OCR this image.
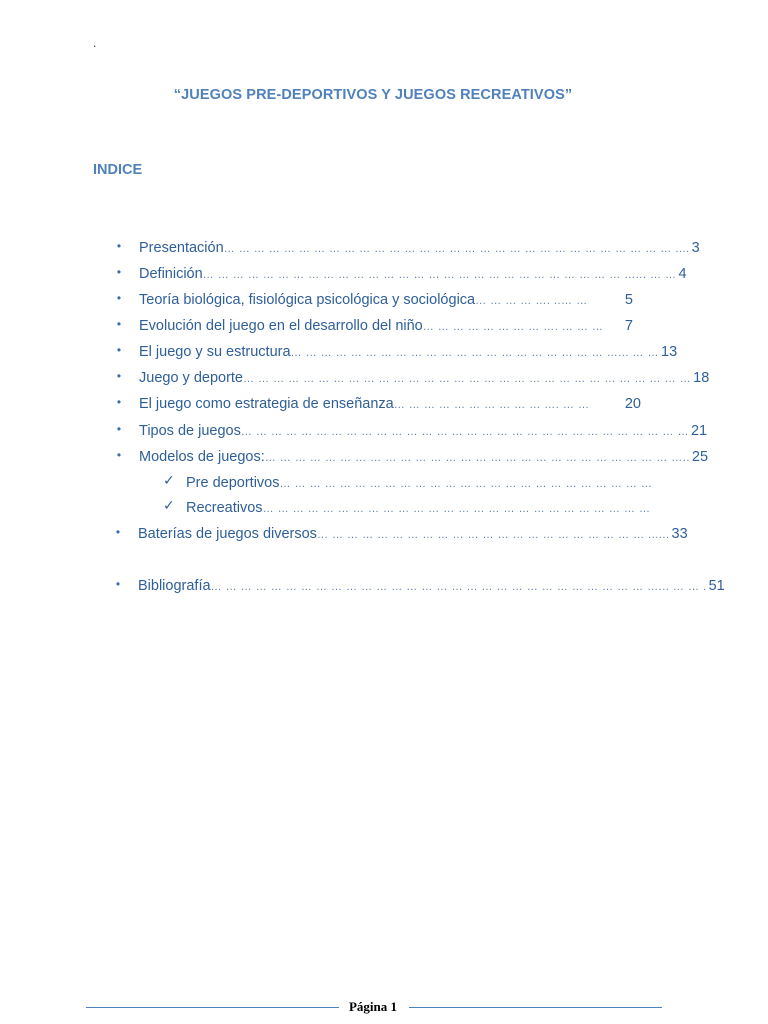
.
“JUEGOS PRE-DEPORTIVOS Y JUEGOS RECREATIVOS”
INDICE
• Presentación … … … … … … … … … … … … … … … … … … … … … … … … … … … … … … .... 3
• Definición … … … … … … … … … … … … … … … … … … … … … … … … … … … … …... … … 4
• Teoría biológica, fisiológica psicológica y sociológica … … … … …. ..… …	5
• Evolución del juego en el desarrollo del niño … … … … … … … … …. … … …	7
• El juego y su estructura … … … … … … … … … … … … … … … … … … … … … …... … … 13
• Juego y deporte … … … … … … … … … … … … … … … … … … … … … … … … … … … … … … 18
• El juego como estrategia de enseñanza … … … … … … … … … … …. … …	20
• Tipos de juegos … … … … … … … … … … … … … … … … … … … … … … … … … … … … … … 21
• Modelos de juegos: … … … … … … … … … … … … … … … … … … … … … … … … … … … ….. 25
✓ Pre deportivos … … … … … … … … … … … … … … … … … … … … … … … … …
✓ Recreativos … … … … … … … … … … … … … … … … … … … … … … … … … …
• Baterías de juegos diversos … … … … … … … … … … … … … … … … … … … … … … ...... 33
• Bibliografía … … … … … … … … … … … … … … … … … … … … … … … … … … … … … …... … … . 51
Página 1
